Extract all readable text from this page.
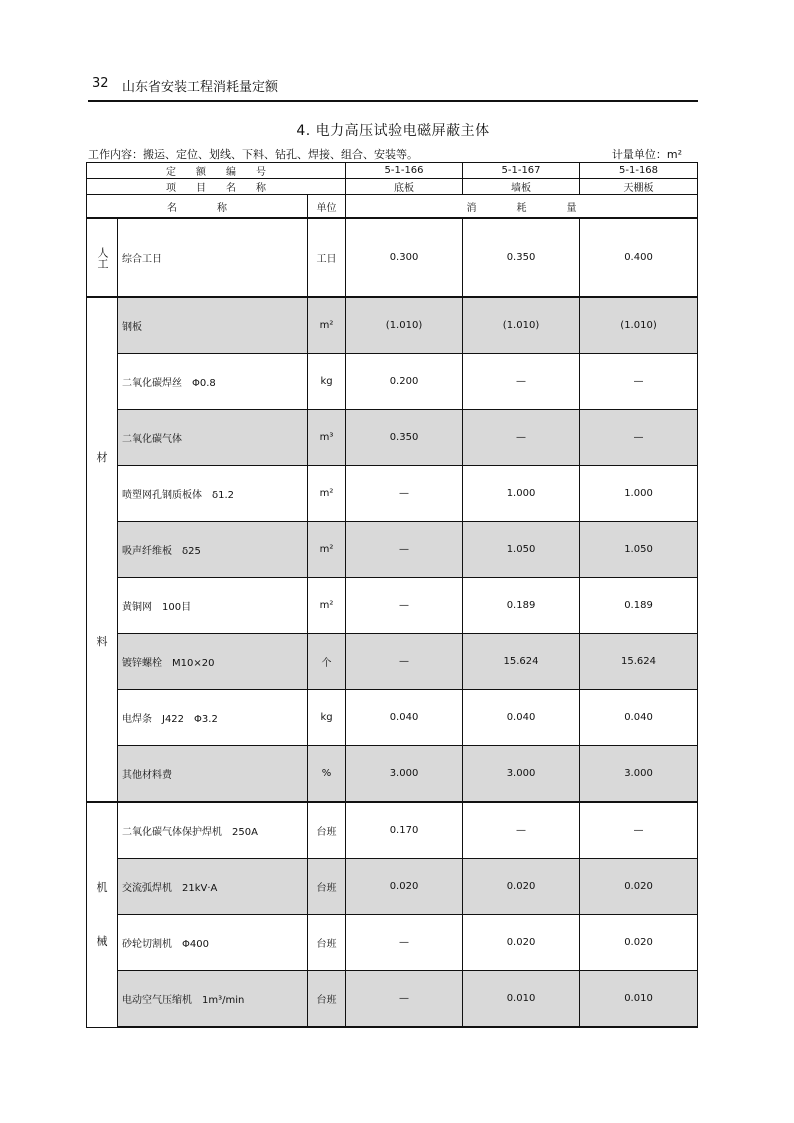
32 山东省安装工程消耗量定额
4. 电力高压试验电磁屏蔽主体
工作内容：搬运、定位、划线、下料、钻孔、焊接、组合、安装等。	计量单位：m²
定　　额　　编　　号			5-1-166	5-1-167	5-1-168
项　　目　　名　　称			底板	墙板	天棚板
名　　　　称		单位	消　　　　耗　　　　量		
人工	综合工日	工日	0.300	0.350	0.400

材
料	钢板	m²	(1.010)	(1.010)	(1.010)
	二氧化碳焊丝　Φ0.8	kg	0.200	—	—
	二氧化碳气体	m³	0.350	—	—
	喷塑网孔钢质板体　δ1.2	m²	—	1.000	1.000
	吸声纤维板　δ25	m²	—	1.050	1.050
	黄铜网　100目	m²	—	0.189	0.189
	镀锌螺栓　M10×20	个	—	15.624	15.624
	电焊条　J422　Φ3.2	kg	0.040	0.040	0.040
	其他材料费	%	3.000	3.000	3.000

机
械	二氧化碳气体保护焊机　250A	台班	0.170	—	—
	交流弧焊机　21kV·A	台班	0.020	0.020	0.020
	砂轮切割机　Φ400	台班	—	0.020	0.020
	电动空气压缩机　1m³/min	台班	—	0.010	0.010
